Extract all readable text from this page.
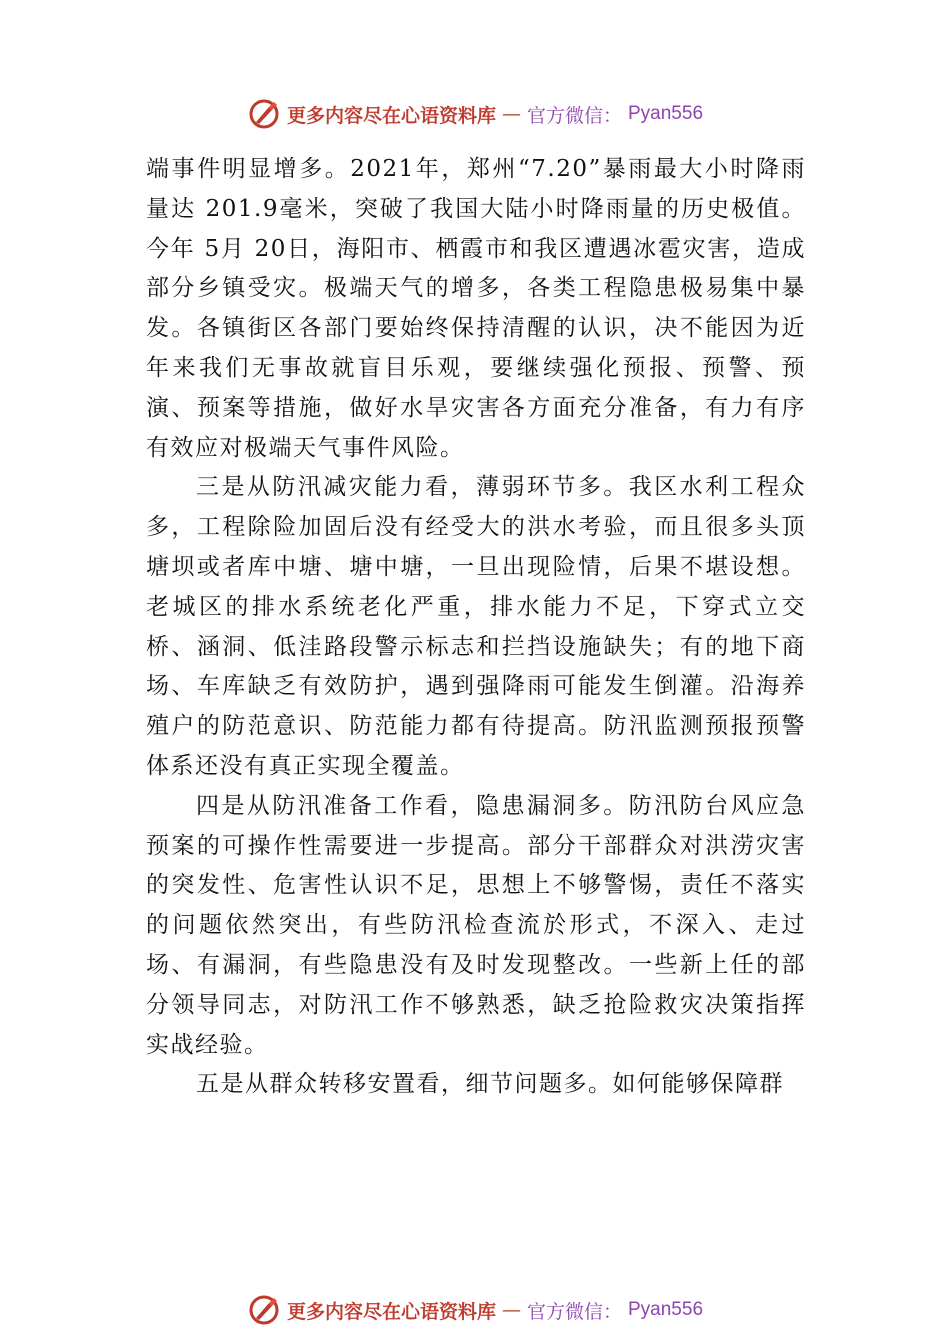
更多内容尽在心语资料库 — 官方微信： Pyan556

端事件明显增多。2021年，郑州“7.20”暴雨最大小时降雨量达 201.9毫米，突破了我国大陆小时降雨量的历史极值。今年 5月 20日，海阳市、栖霞市和我区遭遇冰雹灾害，造成部分乡镇受灾。极端天气的增多，各类工程隐患极易集中暴发。各镇街区各部门要始终保持清醒的认识，决不能因为近年来我们无事故就盲目乐观，要继续强化预报、预警、预演、预案等措施，做好水旱灾害各方面充分准备，有力有序有效应对极端天气事件风险。

三是从防汛减灾能力看，薄弱环节多。我区水利工程众多，工程除险加固后没有经受大的洪水考验，而且很多头顶塘坝或者库中塘、塘中塘，一旦出现险情，后果不堪设想。老城区的排水系统老化严重，排水能力不足，下穿式立交桥、涵洞、低洼路段警示标志和拦挡设施缺失；有的地下商场、车库缺乏有效防护，遇到强降雨可能发生倒灌。沿海养殖户的防范意识、防范能力都有待提高。防汛监测预报预警体系还没有真正实现全覆盖。

四是从防汛准备工作看，隐患漏洞多。防汛防台风应急预案的可操作性需要进一步提高。部分干部群众对洪涝灾害的突发性、危害性认识不足，思想上不够警惕，责任不落实的问题依然突出，有些防汛检查流於形式，不深入、走过场、有漏洞，有些隐患没有及时发现整改。一些新上任的部分领导同志，对防汛工作不够熟悉，缺乏抢险救灾决策指挥实战经验。

五是从群众转移安置看，细节问题多。如何能够保障群

更多内容尽在心语资料库 — 官方微信： Pyan556
